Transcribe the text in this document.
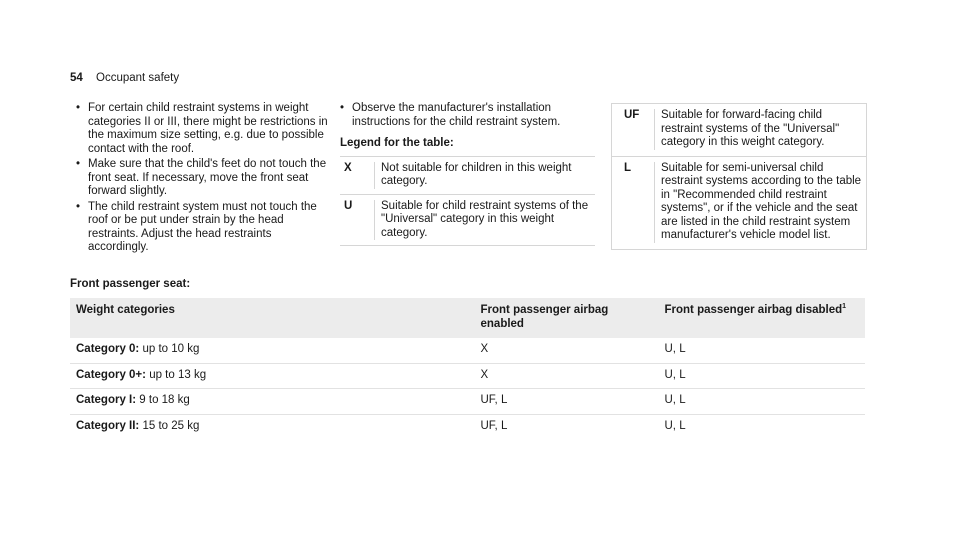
54 Occupant safety
• For certain child restraint systems in weight categories II or III, there might be restrictions in the maximum size setting, e.g. due to possible contact with the roof.
• Make sure that the child's feet do not touch the front seat. If necessary, move the front seat forward slightly.
• The child restraint system must not touch the roof or be put under strain by the head restraints. Adjust the head restraints accordingly.
• Observe the manufacturer's installation instructions for the child restraint system.
Legend for the table:
X	Not suitable for children in this weight category.
U	Suitable for child restraint systems of the "Universal" category in this weight category.
UF	Suitable for forward-facing child restraint systems of the "Universal" category in this weight category.
L	Suitable for semi-universal child restraint systems according to the table in "Recommended child restraint systems", or if the vehicle and the seat are listed in the child restraint system manufacturer's vehicle model list.
Front passenger seat:
Weight categories	Front passenger airbag enabled	Front passenger airbag disabled$^1$
Category 0: up to 10 kg	X	U, L
Category 0+: up to 13 kg	X	U, L
Category I: 9 to 18 kg	UF, L	U, L
Category II: 15 to 25 kg	UF, L	U, L
